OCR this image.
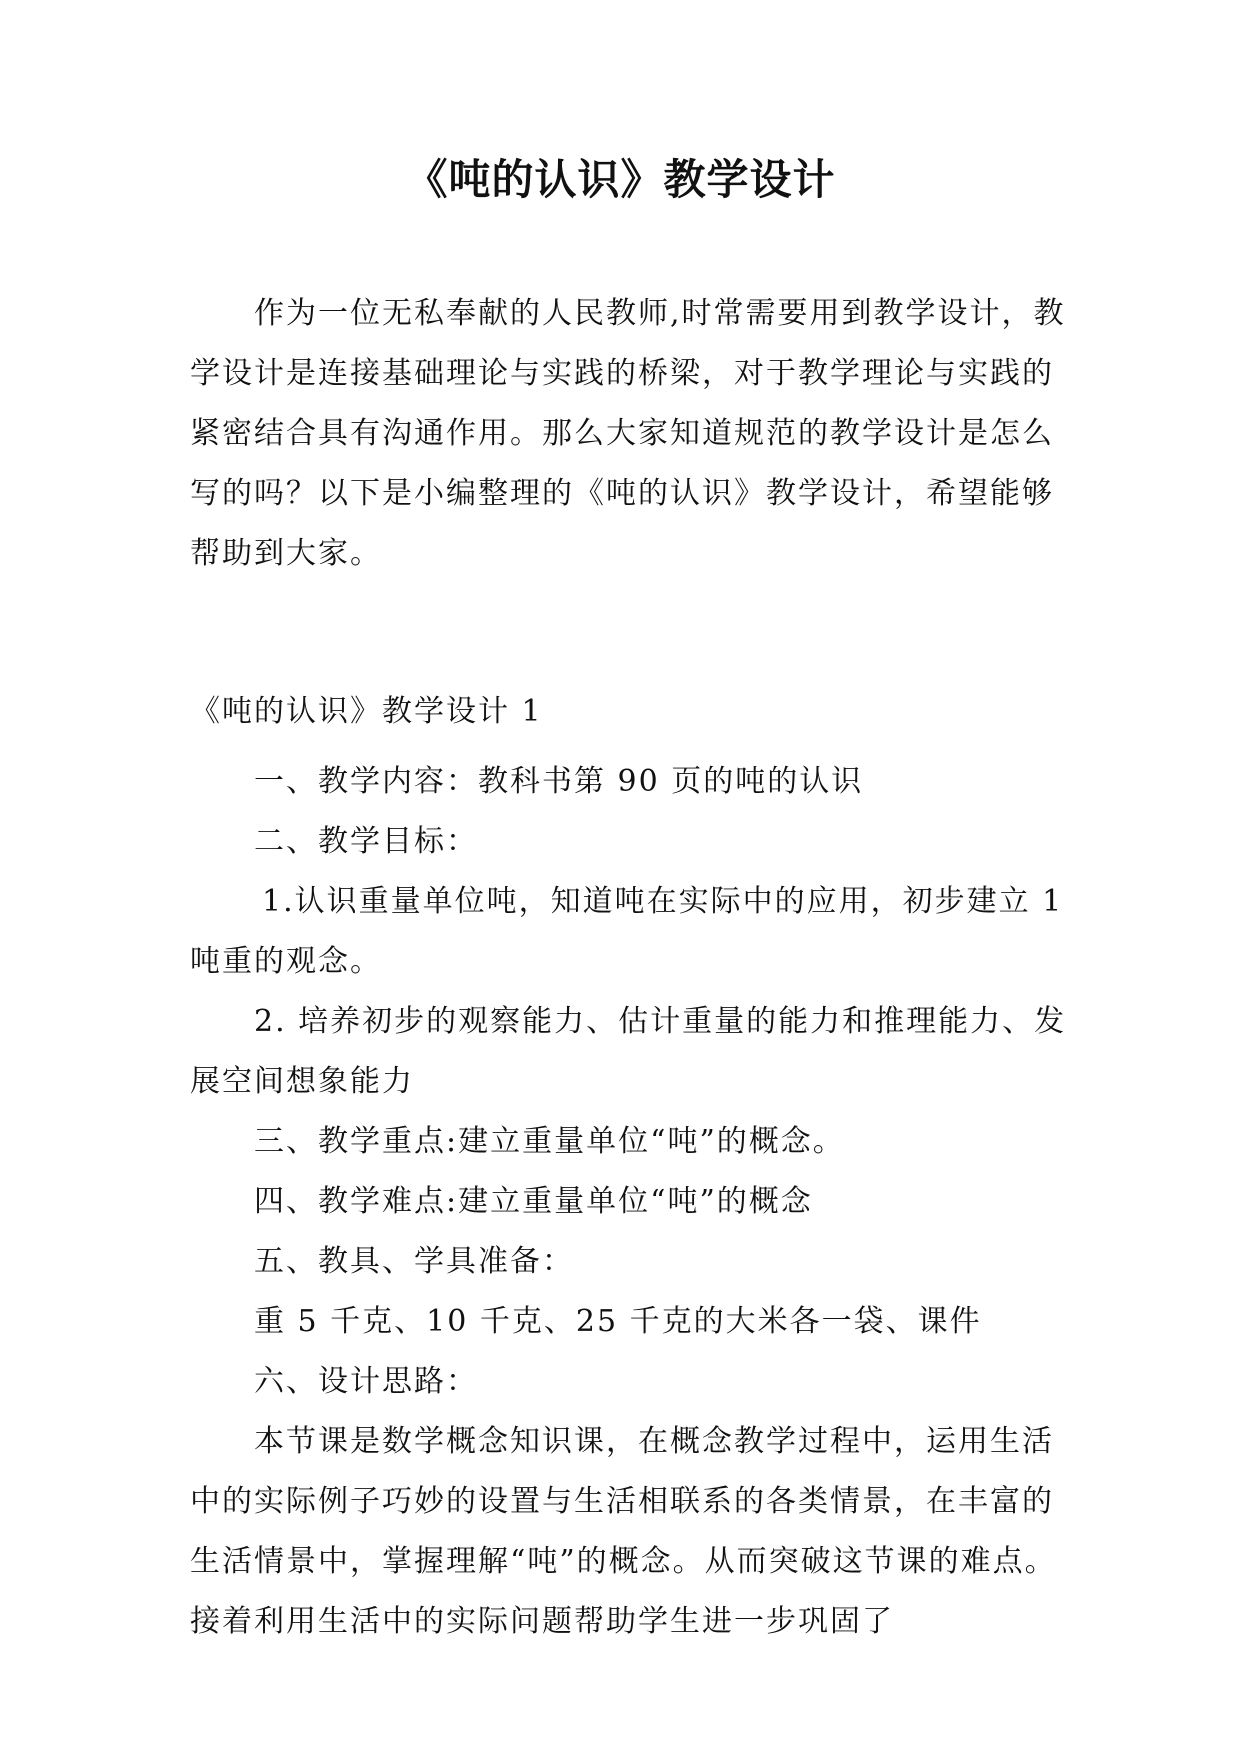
《吨的认识》教学设计

作为一位无私奉献的人民教师,时常需要用到教学设计，教学设计是连接基础理论与实践的桥梁，对于教学理论与实践的紧密结合具有沟通作用。那么大家知道规范的教学设计是怎么写的吗？以下是小编整理的《吨的认识》教学设计，希望能够帮助到大家。

《吨的认识》教学设计 1

一、教学内容：教科书第 90 页的吨的认识

二、教学目标：

1.认识重量单位吨，知道吨在实际中的应用，初步建立 1 吨重的观念。

2. 培养初步的观察能力、估计重量的能力和推理能力、发展空间想象能力

三、教学重点:建立重量单位“吨”的概念。

四、教学难点:建立重量单位“吨”的概念

五、教具、学具准备：

重 5 千克、10 千克、25 千克的大米各一袋、课件

六、设计思路：

本节课是数学概念知识课，在概念教学过程中，运用生活中的实际例子巧妙的设置与生活相联系的各类情景，在丰富的生活情景中，掌握理解“吨”的概念。从而突破这节课的难点。接着利用生活中的实际问题帮助学生进一步巩固了
